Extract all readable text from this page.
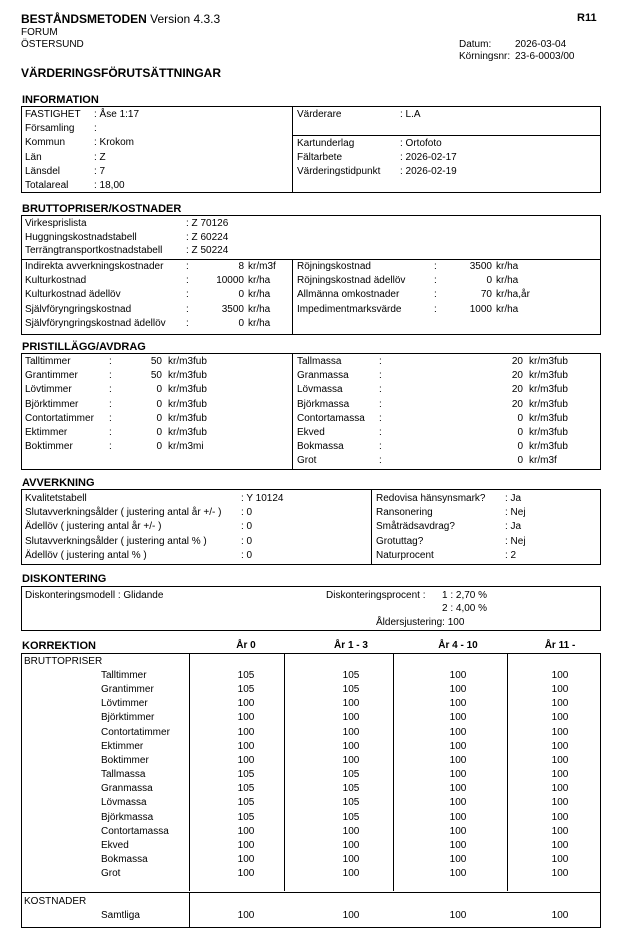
BESTÅNDSMETODEN Version 4.3.3
FORUM
ÖSTERSUND
R11
Datum: 2026-03-04
Körningsnr: 23-6-0003/00
VÄRDERINGSFÖRUTSÄTTNINGAR
INFORMATION
FASTIGHET : Åse 1:17
Församling :
Kommun	: Krokom
Län	: Z
Länsdel	: 7
Totalareal	: 18,00
Värderare	: L.A
Kartunderlag	: Ortofoto
Fältarbete	: 2026-02-17
Värderingstidpunkt : 2026-02-19
BRUTTOPRISER/KOSTNADER
Virkesprislista	: Z 70126
Huggningskostnadstabell	: Z 60224
Terrängtransportkostnadstabell : Z 50224
Indirekta avverkningskostnader :	8 kr/m3f
Kulturkostnad	:	10000 kr/ha
Kulturkostnad ädellöv	:	0 kr/ha
Självföryngringskostnad	:	3500 kr/ha
Självföryngringskostnad ädellöv :	0 kr/ha
Röjningskostnad	:	3500 kr/ha
Röjningskostnad ädellöv	:	0 kr/ha
Allmänna omkostnader	:	70 kr/ha,år
Impedimentmarksvärde	:	1000 kr/ha
PRISTILLÄGG/AVDRAG
Talltimmer	:	50 kr/m3fub
Grantimmer	:	50 kr/m3fub
Lövtimmer	:	0 kr/m3fub
Björktimmer	:	0 kr/m3fub
Contortatimmer :	0 kr/m3fub
Ektimmer	:	0 kr/m3fub
Boktimmer	:	0 kr/m3mi
Tallmassa	:	20 kr/m3fub
Granmassa	:	20 kr/m3fub
Lövmassa	:	20 kr/m3fub
Björkmassa	:	20 kr/m3fub
Contortamassa :	0 kr/m3fub
Ekved	:	0 kr/m3fub
Bokmassa	:	0 kr/m3fub
Grot	:	0 kr/m3f
AVVERKNING
Kvalitetstabell	: Y 10124
Slutavverkningsålder ( justering antal år +/- ) : 0
Ädellöv ( justering antal år +/- )	: 0
Slutavverkningsålder ( justering antal % )	: 0
Ädellöv ( justering antal % )	: 0
Redovisa hänsynsmark? : Ja
Ransonering	: Nej
Småträdsavdrag?	: Ja
Grotuttag?	: Nej
Naturprocent	: 2
DISKONTERING
Diskonteringsmodell : Glidande	Diskonteringsprocent : 1 : 2,70 %
2 : 4,00 %
Åldersjustering: 100
KORREKTION	År 0	År 1 - 3	År 4 - 10	År 11 -
BRUTTOPRISER
Talltimmer	105	105	100	100
Grantimmer	105	105	100	100
Lövtimmer	100	100	100	100
Björktimmer	100	100	100	100
Contortatimmer	100	100	100	100
Ektimmer	100	100	100	100
Boktimmer	100	100	100	100
Tallmassa	105	105	100	100
Granmassa	105	105	100	100
Lövmassa	105	105	100	100
Björkmassa	105	105	100	100
Contortamassa	100	100	100	100
Ekved	100	100	100	100
Bokmassa	100	100	100	100
Grot	100	100	100	100
KOSTNADER
Samtliga	100	100	100	100
